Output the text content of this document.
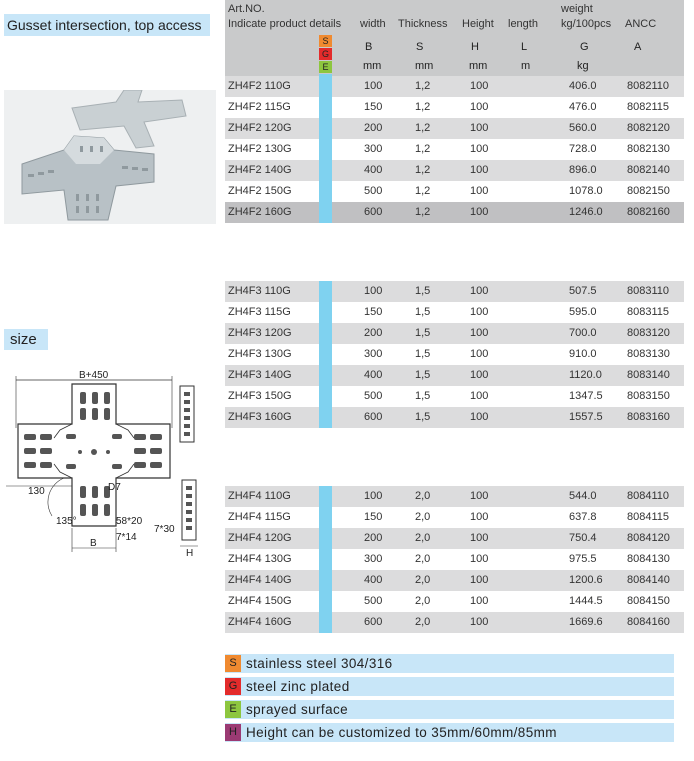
Gusset intersection, top access
size
B+450
130
135°
D7
58*20
7*14
B
7*30
H
Art.NO.
Indicate product details width Thickness Height length
weight
kg/100pcs ANCC
B	S	H	L	G	A
mm	mm	mm	m	kg
S
G
E
ZH4F2 110G	100	1,2	100	406.0	8082110
ZH4F2 115G	150	1,2	100	476.0	8082115
ZH4F2 120G	200	1,2	100	560.0	8082120
ZH4F2 130G	300	1,2	100	728.0	8082130
ZH4F2 140G	400	1,2	100	896.0	8082140
ZH4F2 150G	500	1,2	100	1078.0 8082150
ZH4F2 160G	600	1,2	100	1246.0 8082160
ZH4F3 110G	100	1,5	100	507.5	8083110
ZH4F3 115G	150	1,5	100	595.0	8083115
ZH4F3 120G	200	1,5	100	700.0	8083120
ZH4F3 130G	300	1,5	100	910.0	8083130
ZH4F3 140G	400	1,5	100	1120.0 8083140
ZH4F3 150G	500	1,5	100	1347.5 8083150
ZH4F3 160G	600	1,5	100	1557.5 8083160
ZH4F4 110G	100	2,0	100	544.0	8084110
ZH4F4 115G	150	2,0	100	637.8	8084115
ZH4F4 120G	200	2,0	100	750.4	8084120
ZH4F4 130G	300	2,0	100	975.5	8084130
ZH4F4 140G	400	2,0	100	1200.6 8084140
ZH4F4 150G	500	2,0	100	1444.5 8084150
ZH4F4 160G	600	2,0	100	1669.6 8084160
S stainless steel 304/316
G steel zinc plated
E sprayed surface
H Height can be customized to 35mm/60mm/85mm
